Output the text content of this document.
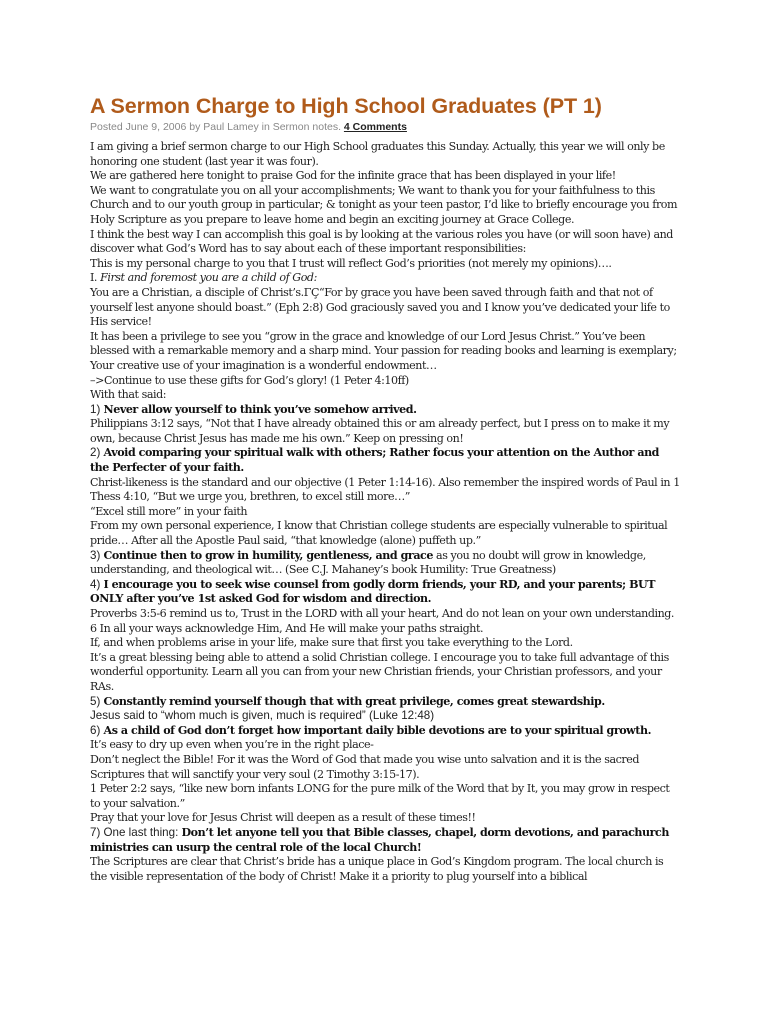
A Sermon Charge to High School Graduates (PT 1)
Posted June 9, 2006 by Paul Lamey in Sermon notes. 4 Comments

I am giving a brief sermon charge to our High School graduates this Sunday. Actually, this year we will only be honoring one student (last year it was four).

We are gathered here tonight to praise God for the infinite grace that has been displayed in your life!

We want to congratulate you on all your accomplishments; We want to thank you for your faithfulness to this Church and to our youth group in particular; & tonight as your teen pastor, I’d like to briefly encourage you from Holy Scripture as you prepare to leave home and begin an exciting journey at Grace College.

I think the best way I can accomplish this goal is by looking at the various roles you have (or will soon have) and discover what God’s Word has to say about each of these important responsibilities:

This is my personal charge to you that I trust will reflect God’s priorities (not merely my opinions)….

I. First and foremost you are a child of God:

You are a Christian, a disciple of Christ’s.ΓÇ“For by grace you have been saved through faith and that not of yourself lest anyone should boast.” (Eph 2:8) God graciously saved you and I know you’ve dedicated your life to His service!

It has been a privilege to see you “grow in the grace and knowledge of our Lord Jesus Christ.” You’ve been blessed with a remarkable memory and a sharp mind. Your passion for reading books and learning is exemplary; Your creative use of your imagination is a wonderful endowment…

–>Continue to use these gifts for God’s glory! (1 Peter 4:10ff)

With that said:

1) Never allow yourself to think you’ve somehow arrived.

Philippians 3:12 says, “Not that I have already obtained this or am already perfect, but I press on to make it my own, because Christ Jesus has made me his own.” Keep on pressing on!

2) Avoid comparing your spiritual walk with others; Rather focus your attention on the Author and the Perfecter of your faith.

Christ-likeness is the standard and our objective (1 Peter 1:14-16). Also remember the inspired words of Paul in 1 Thess 4:10, “But we urge you, brethren, to excel still more…”

“Excel still more” in your faith

From my own personal experience, I know that Christian college students are especially vulnerable to spiritual pride… After all the Apostle Paul said, “that knowledge (alone) puffeth up.”

3) Continue then to grow in humility, gentleness, and grace as you no doubt will grow in knowledge, understanding, and theological wit… (See C.J. Mahaney’s book Humility: True Greatness)

4) I encourage you to seek wise counsel from godly dorm friends, your RD, and your parents; BUT ONLY after you’ve 1st asked God for wisdom and direction.

Proverbs 3:5-6 remind us to, Trust in the LORD with all your heart, And do not lean on your own understanding. 6 In all your ways acknowledge Him, And He will make your paths straight.

If, and when problems arise in your life, make sure that first you take everything to the Lord.

It’s a great blessing being able to attend a solid Christian college. I encourage you to take full advantage of this wonderful opportunity. Learn all you can from your new Christian friends, your Christian professors, and your RAs.

5) Constantly remind yourself though that with great privilege, comes great stewardship.

Jesus said to “whom much is given, much is required” (Luke 12:48)

6) As a child of God don’t forget how important daily bible devotions are to your spiritual growth.

It’s easy to dry up even when you’re in the right place-

Don’t neglect the Bible! For it was the Word of God that made you wise unto salvation and it is the sacred Scriptures that will sanctify your very soul (2 Timothy 3:15-17).

1 Peter 2:2 says, “like new born infants LONG for the pure milk of the Word that by It, you may grow in respect to your salvation.”

Pray that your love for Jesus Christ will deepen as a result of these times!!

7) One last thing: Don’t let anyone tell you that Bible classes, chapel, dorm devotions, and parachurch ministries can usurp the central role of the local Church!

The Scriptures are clear that Christ’s bride has a unique place in God’s Kingdom program. The local church is the visible representation of the body of Christ! Make it a priority to plug yourself into a biblical
